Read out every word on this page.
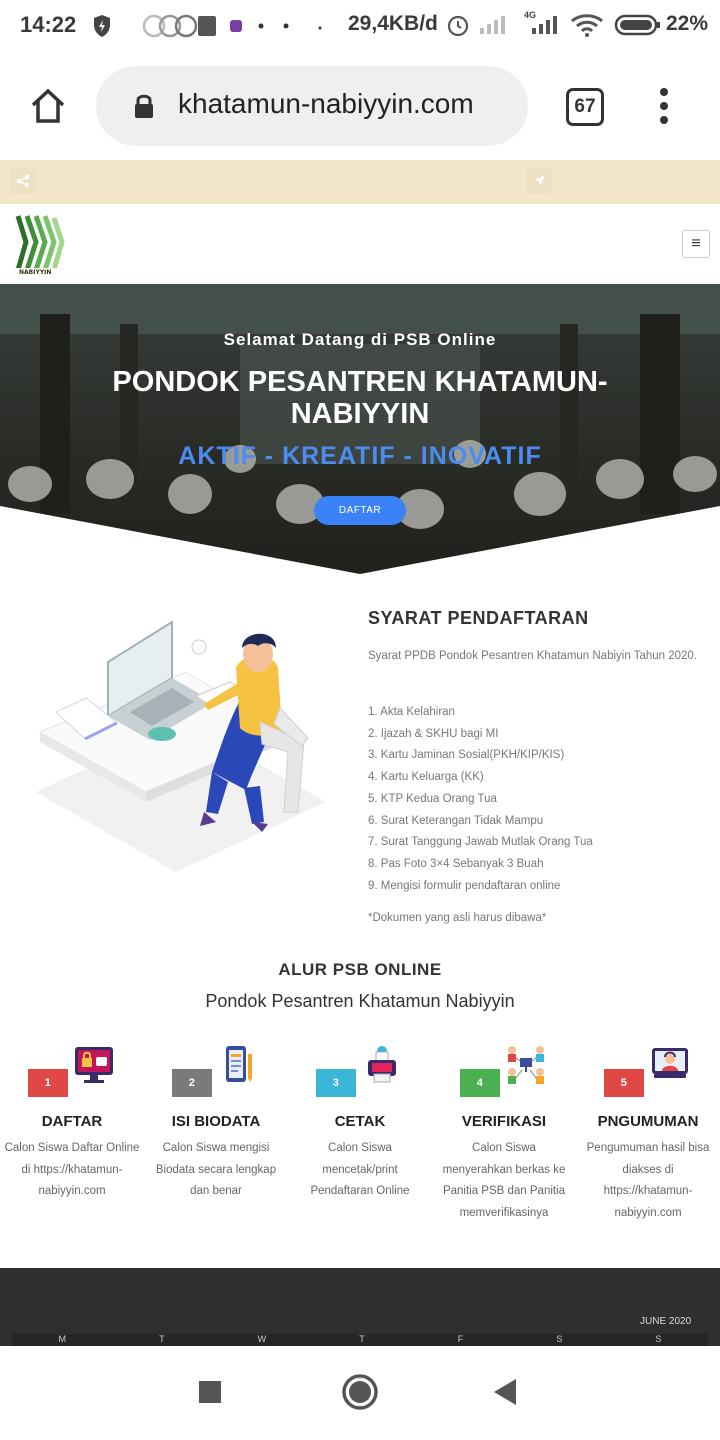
14:22	29,4KB/d	4G	22%
khatamun-nabiyyin.com	67
NABIYYIN
≡
Selamat Datang di PSB Online
PONDOK PESANTREN KHATAMUN-NABIYYIN
AKTIF - KREATIF - INOVATIF
DAFTAR
SYARAT PENDAFTARAN
Syarat PPDB Pondok Pesantren Khatamun Nabiyin Tahun 2020.
1. Akta Kelahiran
2. Ijazah & SKHU bagi MI
3. Kartu Jaminan Sosial(PKH/KIP/KIS)
4. Kartu Keluarga (KK)
5. KTP Kedua Orang Tua
6. Surat Keterangan Tidak Mampu
7. Surat Tanggung Jawab Mutlak Orang Tua
8. Pas Foto 3×4 Sebanyak 3 Buah
9. Mengisi formulir pendaftaran online
*Dokumen yang asli harus dibawa*
ALUR PSB ONLINE
Pondok Pesantren Khatamun Nabiyyin
1
DAFTAR
Calon Siswa Daftar Online di https://khatamun-nabiyyin.com
2
ISI BIODATA
Calon Siswa mengisi Biodata secara lengkap dan benar
3
CETAK
Calon Siswa mencetak/print Pendaftaran Online
4
VERIFIKASI
Calon Siswa menyerahkan berkas ke Panitia PSB dan Panitia memverifikasinya
5
PNGUMUMAN
Pengumuman hasil bisa diakses di https://khatamun-nabiyyin.com
JUNE 2020
M	T	W	T	F	S	S
